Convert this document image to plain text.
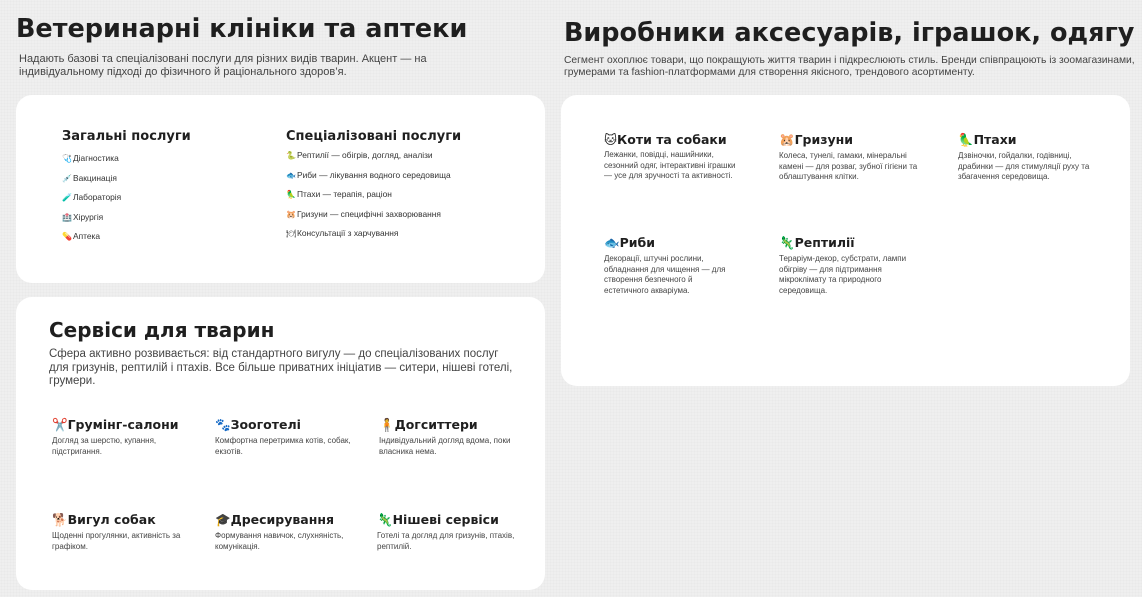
Ветеринарні клініки та аптеки

Надають базові та спеціалізовані послуги для різних видів тварин. Акцент — на індивідуальному підході до фізичного й раціонального здоров’я.

Загальні послуги
🩺Діагностика
💉Вакцинація
🧪Лабораторія
🏥Хірургія
💊Аптека
Спеціалізовані послуги
🐍Рептилії — обігрів, догляд, аналізи
🐟Риби — лікування водного середовища
🦜Птахи — терапія, раціон
🐹Гризуни — специфічні захворювання
🍽Консультації з харчування
Сервіси для тварин

Сфера активно розвивається: від стандартного вигулу — до спеціалізованих послуг для гризунів, рептилій і птахів. Все більше приватних ініціатив — ситери, нішеві готелі, грумери.

✂️Грумінг-салони

Догляд за шерстю, купання, підстригання.

🐾Зооготелі

Комфортна перетримка котів, собак, екзотів.

🧍Догситтери

Індивідуальний догляд вдома, поки власника нема.

🐕Вигул собак

Щоденні прогулянки, активність за графіком.

🎓Дресирування

Формування навичок, слухняність, комунікація.

🦎Нішеві сервіси

Готелі та догляд для гризунів, птахів, рептилій.

Виробники аксесуарів, іграшок, одягу

Сегмент охоплює товари, що покращують життя тварин і підкреслюють стиль. Бренди співпрацюють із зоомагазинами, грумерами та fashion-платформами для створення якісного, трендового асортименту.

🐱Коти та собаки

Лежанки, повідці, нашийники, сезонний одяг, інтерактивні іграшки — усе для зручності та активності.

🐹Гризуни

Колеса, тунелі, гамаки, мінеральні камені — для розваг, зубної гігієни та облаштування клітки.

🦜Птахи

Дзвіночки, гойдалки, годівниці, драбинки — для стимуляції руху та збагачення середовища.

🐟Риби

Декорації, штучні рослини, обладнання для чищення — для створення безпечного й естетичного акваріума.

🦎Рептилії

Тераріум-декор, субстрати, лампи обігріву — для підтримання мікроклімату та природного середовища.
